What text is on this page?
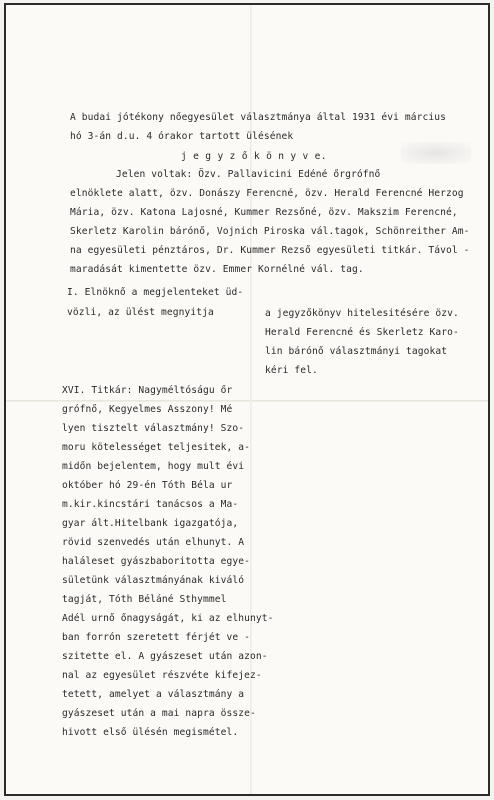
A budai jótékony nőegyesület választmánya által 1931 évi március
hó 3-án d.u. 4 órakor tartott ülésének
j e g y z ő k ö n y v e.
Jelen voltak: Özv. Pallavicini Edéné őrgrófnő
elnöklete alatt, özv. Donászy Ferencné, özv. Herald Ferencné Herzog
Mária, özv. Katona Lajosné, Kummer Rezsőné, özv. Makszim Ferencné,
Skerletz Karolin bárónő, Vojnich Piroska vál.tagok, Schönreither Am-
na egyesületi pénztáros, Dr. Kummer Rezső egyesületi titkár. Távol -
maradását kimentette özv. Emmer Kornélné vál. tag.
I. Elnöknő a megjelenteket üd-
vözli, az ülést megnyitja	a jegyzőkönyv hitelesitésére özv.
Herald Ferencné és Skerletz Karo-
lin bárónő választmányi tagokat
kéri fel.
XVI. Titkár: Nagyméltóságu őr
grófnő, Kegyelmes Asszony! Mé
lyen tisztelt választmány! Szo-
moru kötelességet teljesitek, a-
midőn bejelentem, hogy mult évi
október hó 29-én Tóth Béla ur
m.kir.kincstári tanácsos a Ma-
gyar ált.Hitelbank igazgatója,
rövid szenvedés után elhunyt. A
haláleset gyászbaboritotta egye-
sületünk választmányának kiváló
tagját, Tóth Béláné Sthymmel
Adél urnő őnagyságát, ki az elhunyt-
ban forrón szeretett férjét ve -
szitette el. A gyászeset után azon-
nal az egyesület részvéte kifejez-
tetett, amelyet a választmány a
gyászeset után a mai napra össze-
hivott első ülésén megismétel.
